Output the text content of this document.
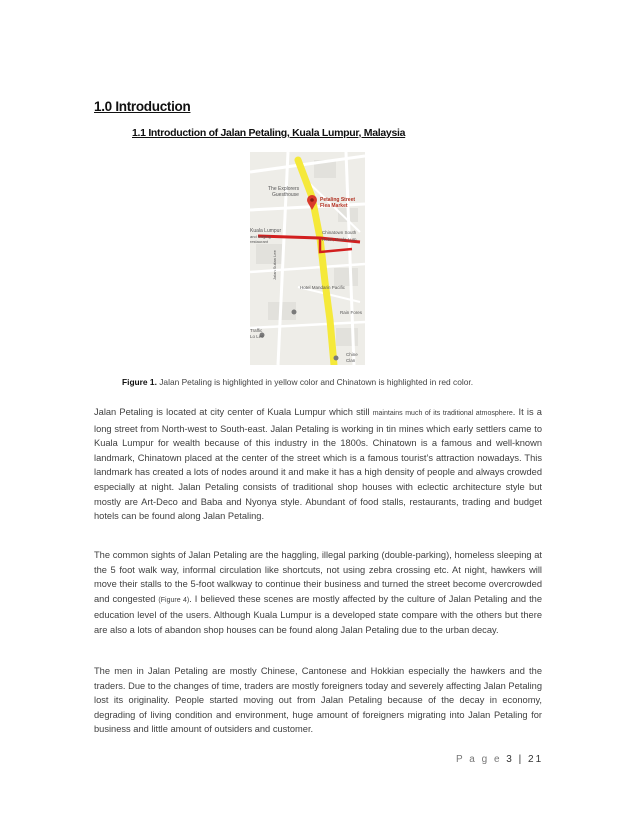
1.0 Introduction
1.1 Introduction of Jalan Petaling, Kuala Lumpur, Malaysia
The Explorers
Guesthouse
Petaling Street
Flea Market
Kuala Lumpur
and lodging
restaurant
Chinatown South
Hotel, Kuala Lum
Hotel Mandarin Pacific
Rain Fores
Traffic
Lo Lee
Chine
Clan
Jalan Sultan Lee
Figure 1. Jalan Petaling is highlighted in yellow color and Chinatown is highlighted in red color.

Jalan Petaling is located at city center of Kuala Lumpur which still maintains much of its traditional atmosphere. It is a long street from North-west to South-east. Jalan Petaling is working in tin mines which early settlers came to Kuala Lumpur for wealth because of this industry in the 1800s. Chinatown is a famous and well-known landmark, Chinatown placed at the center of the street which is a famous tourist’s attraction nowadays. This landmark has created a lots of nodes around it and make it has a high density of people and always crowded especially at night. Jalan Petaling consists of traditional shop houses with eclectic architecture style but mostly are Art-Deco and Baba and Nyonya style. Abundant of food stalls, restaurants, trading and budget hotels can be found along Jalan Petaling.

The common sights of Jalan Petaling are the haggling, illegal parking (double-parking), homeless sleeping at the 5 foot walk way, informal circulation like shortcuts, not using zebra crossing etc. At night, hawkers will move their stalls to the 5-foot walkway to continue their business and turned the street become overcrowded and congested (Figure 4). I believed these scenes are mostly affected by the culture of Jalan Petaling and the education level of the users. Although Kuala Lumpur is a developed state compare with the others but there are also a lots of abandon shop houses can be found along Jalan Petaling due to the urban decay.

The men in Jalan Petaling are mostly Chinese, Cantonese and Hokkian especially the hawkers and the traders. Due to the changes of time, traders are mostly foreigners today and severely affecting Jalan Petaling lost its originality. People started moving out from Jalan Petaling because of the decay in economy, degrading of living condition and environment, huge amount of foreigners migrating into Jalan Petaling for business and little amount of outsiders and customer.

P a g e 3 | 21
